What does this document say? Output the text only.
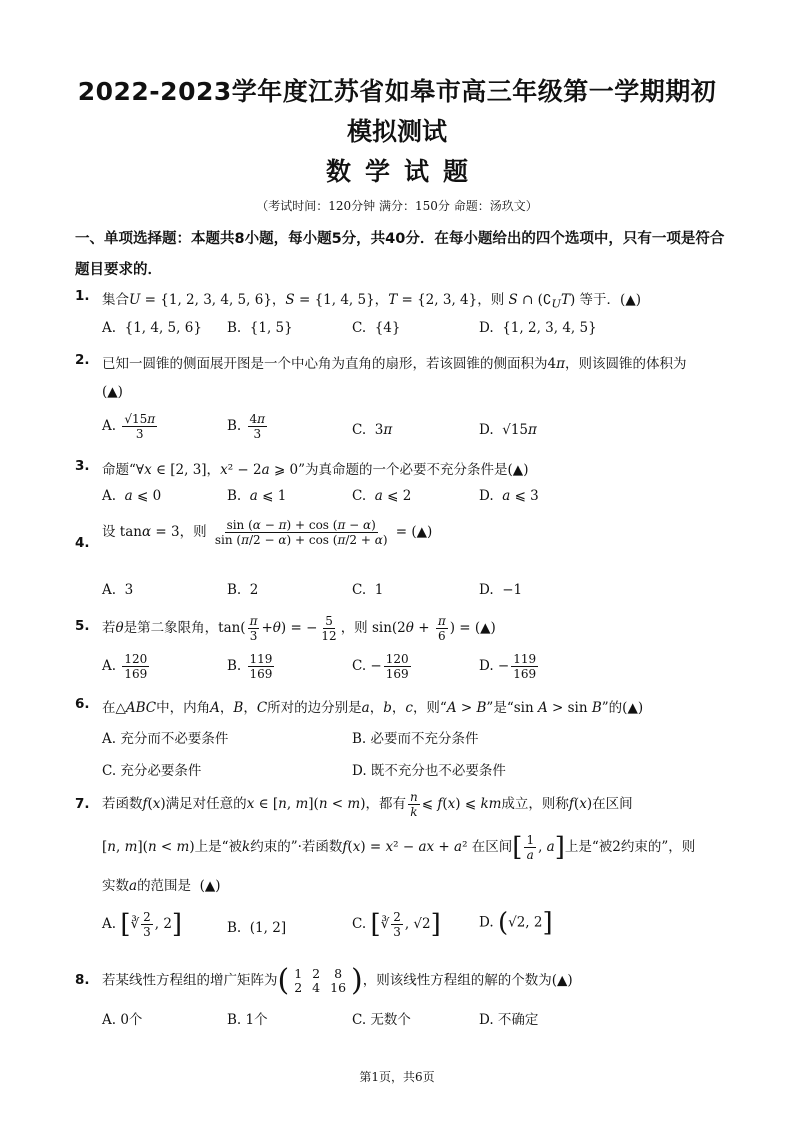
2022-2023学年度江苏省如皋市高三年级第一学期期初
模拟测试
数学试题
（考试时间：120分钟 满分：150分 命题：汤玖文）
一、单项选择题：本题共8小题，每小题5分，共40分．在每小题给出的四个选项中，只有一项是符合题目要求的．
1. 集合U = {1, 2, 3, 4, 5, 6}，S = {1, 4, 5}，T = {2, 3, 4}，则 S ∩ $(∁_UT)$ 等于．(▲)
A.  {1, 4, 5, 6} B.  {1, 5}	C.  {4}	D.  {1, 2, 3, 4, 5}
2. 已知一圆锥的侧面展开图是一个中心角为直角的扇形，若该圆锥的侧面积为4π，则该圆锥的体积为
(▲)
A. $\frac{√15\pi}{3}$	B. $\frac{4\pi}{3}$	C.  3π	D.  √15π
3. 命题“∀x ∈ [2, 3]，x² − 2a ⩾ 0”为真命题的一个必要不充分条件是(▲)
A.  a ⩽ 0	B.  a ⩽ 1	C.  a ⩽ 2	D.  a ⩽ 3
4.
设 tanα = 3，则 $\frac{\sin (\alpha - \pi) + \cos (\pi - \alpha)}{\sin (\pi/2 - \alpha) + \cos (\pi/2 + \alpha)}$ = (▲)
A.  3	B.  2	C.  1	D.  −1
5. 若θ是第二象限角，$\tan( \frac{\pi}{3} +\theta)$ = − $\frac{5}{12}$ ，则 $\sin(2\theta + \frac{\pi}{6}$ ) = (▲)
A. $\frac{120}{169}$	B. $\frac{119}{169}$	C. − $\frac{120}{169}$	D. − $\frac{119}{169}$
6. 在△ABC中，内角A，B，C所对的边分别是a，b，c，则“A > B”是“sin A > sin B”的(▲)
A. 充分而不必要条件	B. 必要而不充分条件
C. 充分必要条件	D. 既不充分也不必要条件
7. 若函数f(x)满足对任意的x ∈ [n, m](n < m)，都有 $\frac{n}{k}$ ⩽ f(x) ⩽ km成立，则称f(x)在区间
[n, m](n < m)上是“被k约束的”·若函数f(x) = x² − ax + a² 在区间[ $\frac{1}{a}$ , a]上是“被2约束的”，则
实数a的范围是  (▲)
A. [∛ $\frac{2}{3}$ , 2]	B.  (1, 2]	C. [∛ $\frac{2}{3}$ , √2]	D. (√2, 2]
8. 若某线性方程组的增广矩阵为 ( 1	2	8
2	4	16 ) ，则该线性方程组的解的个数为(▲)
A. 0个	B. 1个	C. 无数个	D. 不确定
第1页，共6页
